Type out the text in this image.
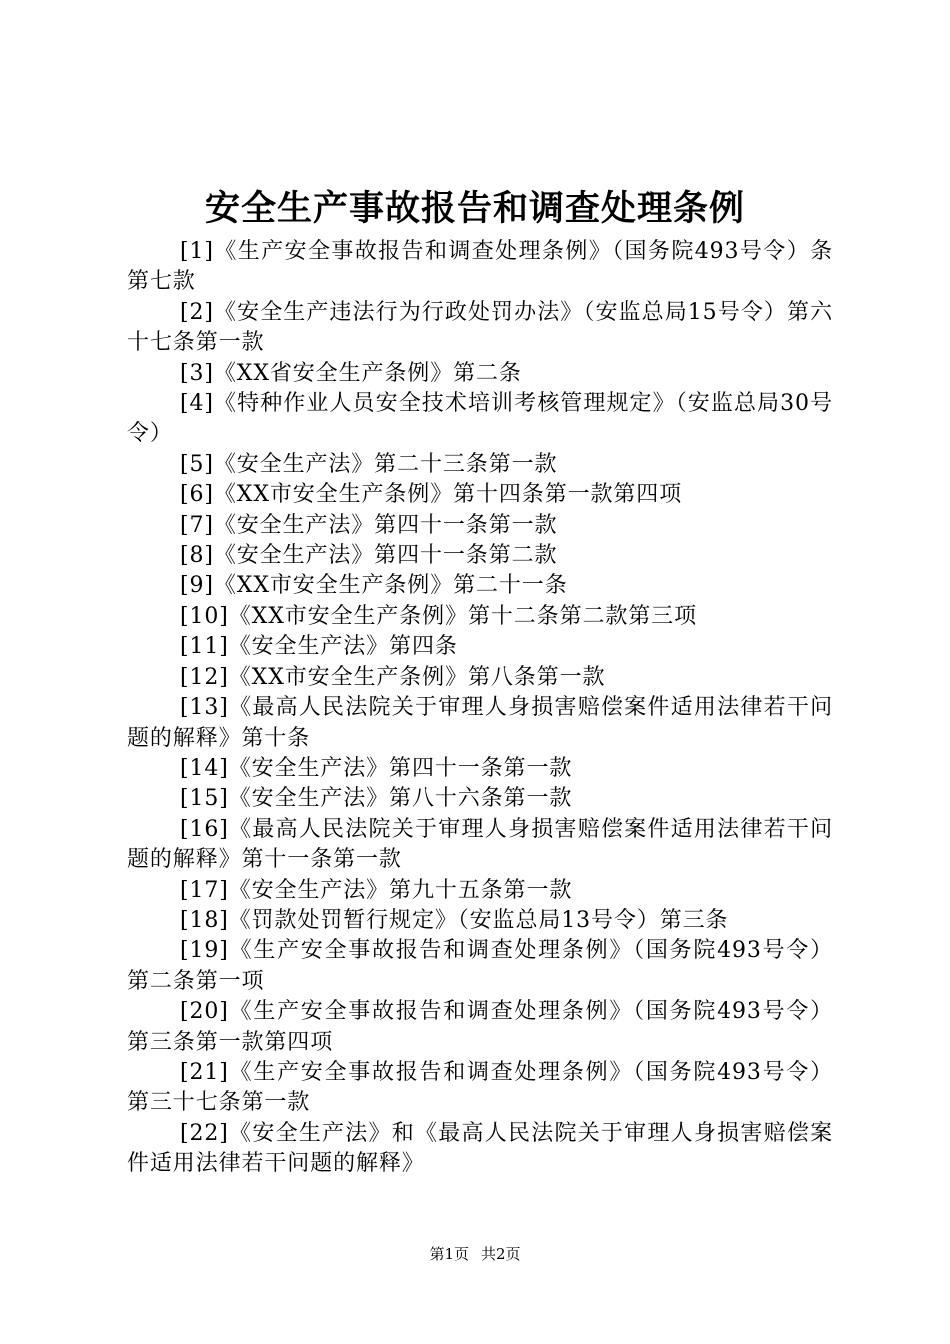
安全生产事故报告和调查处理条例
[1]《生产安全事故报告和调查处理条例》（国务院493号令）条第七款
[2]《安全生产违法行为行政处罚办法》（安监总局15号令）第六十七条第一款
[3]《XX省安全生产条例》第二条
[4]《特种作业人员安全技术培训考核管理规定》（安监总局30号令）
[5]《安全生产法》第二十三条第一款
[6]《XX市安全生产条例》第十四条第一款第四项
[7]《安全生产法》第四十一条第一款
[8]《安全生产法》第四十一条第二款
[9]《XX市安全生产条例》第二十一条
[10]《XX市安全生产条例》第十二条第二款第三项
[11]《安全生产法》第四条
[12]《XX市安全生产条例》第八条第一款
[13]《最高人民法院关于审理人身损害赔偿案件适用法律若干问题的解释》第十条
[14]《安全生产法》第四十一条第一款
[15]《安全生产法》第八十六条第一款
[16]《最高人民法院关于审理人身损害赔偿案件适用法律若干问题的解释》第十一条第一款
[17]《安全生产法》第九十五条第一款
[18]《罚款处罚暂行规定》（安监总局13号令）第三条
[19]《生产安全事故报告和调查处理条例》（国务院493号令）第二条第一项
[20]《生产安全事故报告和调查处理条例》（国务院493号令）第三条第一款第四项
[21]《生产安全事故报告和调查处理条例》（国务院493号令）第三十七条第一款
[22]《安全生产法》和《最高人民法院关于审理人身损害赔偿案件适用法律若干问题的解释》
第1页 共2页
